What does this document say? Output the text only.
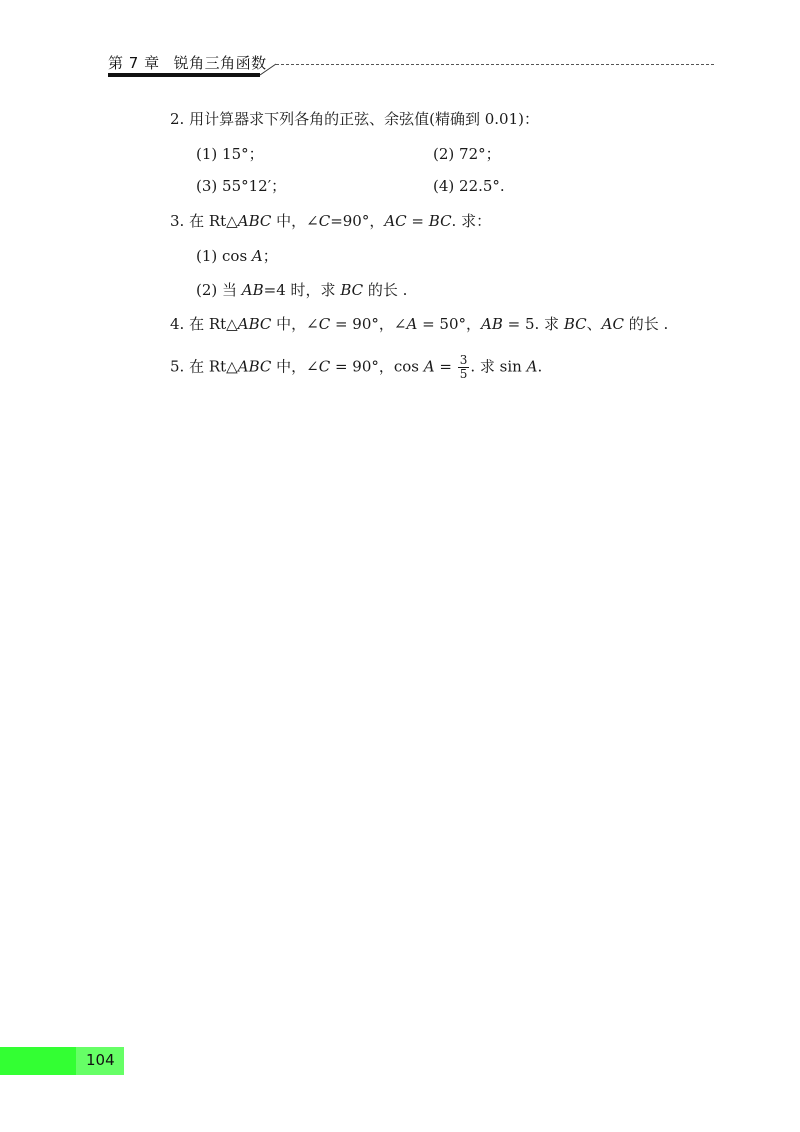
第 7 章 锐角三角函数
2. 用计算器求下列各角的正弦、余弦值(精确到 0.01)：
(1) 15°；	(2) 72°；
(3) 55°12′；	(4) 22.5°.
3. 在 Rt△ABC 中，∠C=90°，AC = BC. 求：
(1) cos A；
(2) 当 AB=4 时，求 BC 的长 .
4. 在 Rt△ABC 中，∠C = 90°，∠A = 50°，AB = 5. 求 BC、AC 的长 .
5. 在 Rt△ABC 中，∠C = 90°，$\cos A = \frac{3}{5}$ . 求 sin A.
104
